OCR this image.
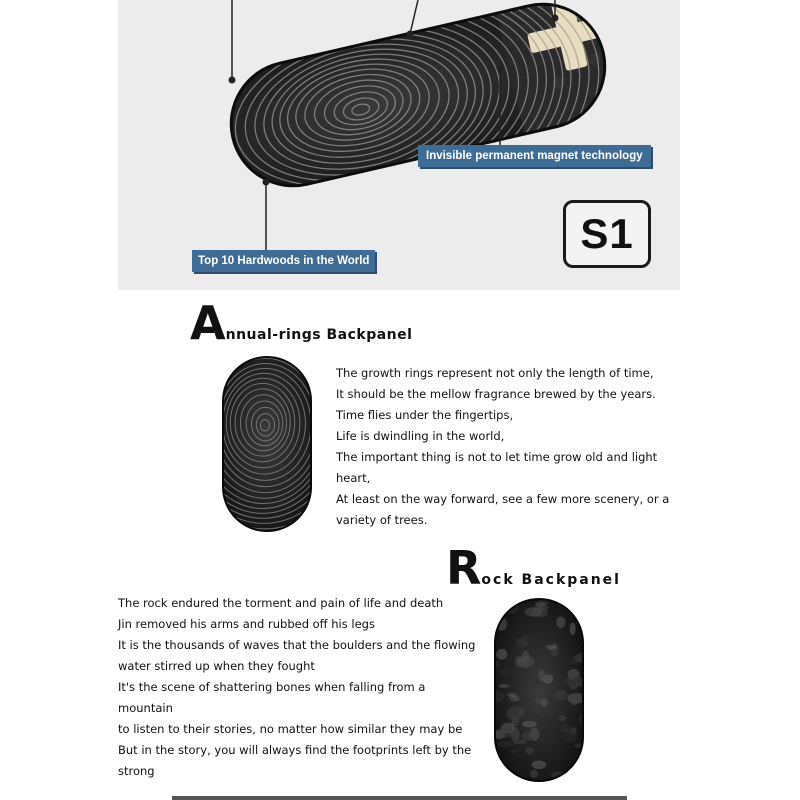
Invisible permanent magnet technology
Top 10 Hardwoods in the World
S1
Annual-rings Backpanel
The growth rings represent not only the length of time,
It should be the mellow fragrance brewed by the years.
Time flies under the fingertips,
Life is dwindling in the world,
The important thing is not to let time grow old and light
heart,
At least on the way forward, see a few more scenery, or a
variety of trees.
Rock Backpanel
The rock endured the torment and pain of life and death
Jin removed his arms and rubbed off his legs
It is the thousands of waves that the boulders and the flowing
water stirred up when they fought
It's the scene of shattering bones when falling from a mountain
to listen to their stories, no matter how similar they may be
But in the story, you will always find the footprints left by the
strong
